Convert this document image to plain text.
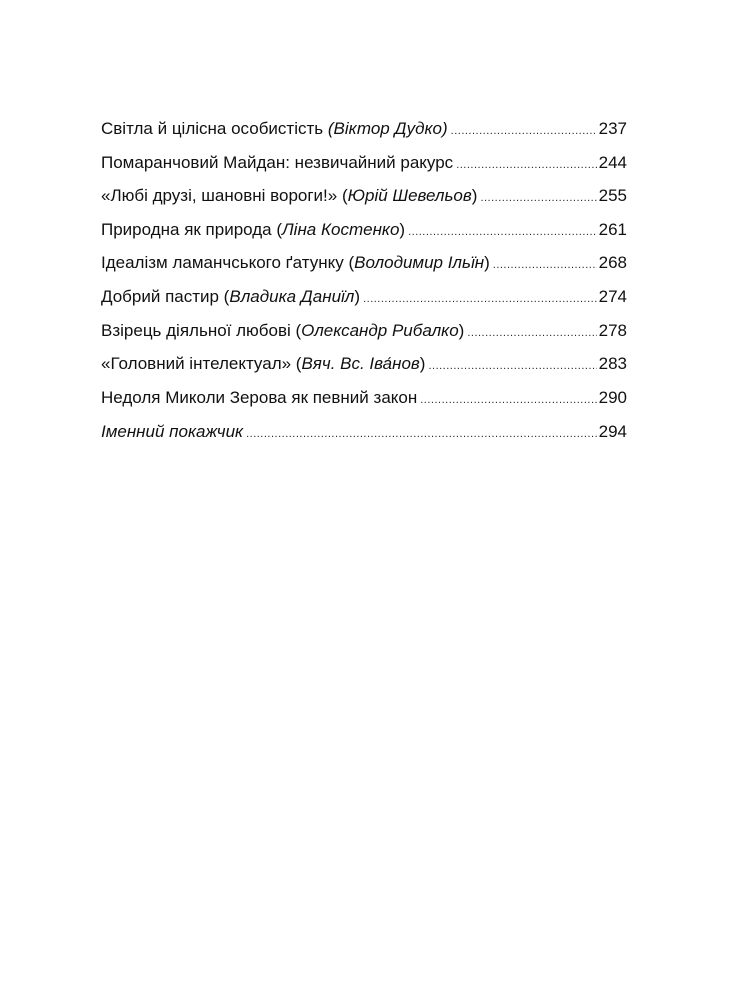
Світла й цілісна особистість (Віктор Дудко) .....	237
Помаранчовий Майдан: незвичайний ракурс .....	244
«Любі друзі, шановні вороги!» (Юрій Шевельов) .....	255
Природна як природа (Ліна Костенко) .....	261
Ідеалізм ламанчського ґатунку (Володимир Ільїн) .....	268
Добрий пастир (Владика Даниїл) .....	274
Взірець діяльної любові (Олександр Рибалко) .....	278
«Головний інтелектуал» (Вяч. Вс. Іва́нов) .....	283
Недоля Миколи Зерова як певний закон .....	290
Іменний покажчик .....	294
